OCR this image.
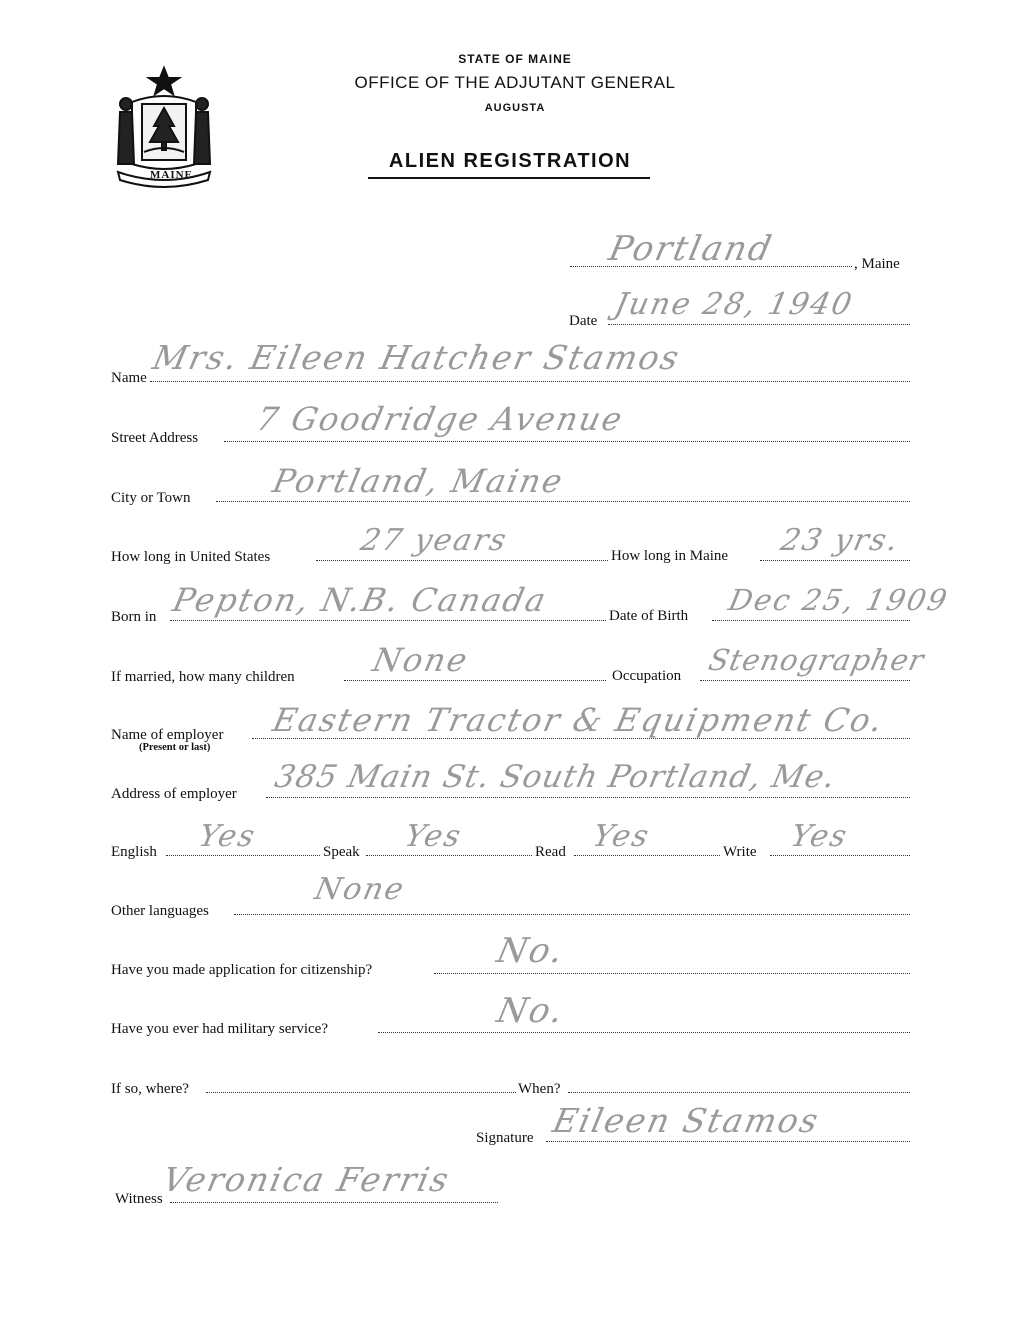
MAINE
STATE OF MAINE
OFFICE OF THE ADJUTANT GENERAL
AUGUSTA
ALIEN REGISTRATION
Portland	, Maine
Date June 28, 1940
Name
Mrs. Eileen Hatcher Stamos
Street Address 7 Goodridge Avenue
City or Town Portland, Maine
How long in United States	27 years	How long in Maine 23 yrs.
Born in Pepton, N.B. Canada	Date of Birth Dec 25, 1909
If married, how many children None	Occupation Stenographer
Name of employer
(Present or last)
Eastern Tractor & Equipment Co.
Address of employer 385 Main St. South Portland, Me.
English Yes	Speak Yes	Read Yes	Write Yes
Other languages
None
Have you made application for citizenship?	No.
Have you ever had military service?	No.
If so, where?	When?
Signature Eileen Stamos
Witness
Veronica Ferris
